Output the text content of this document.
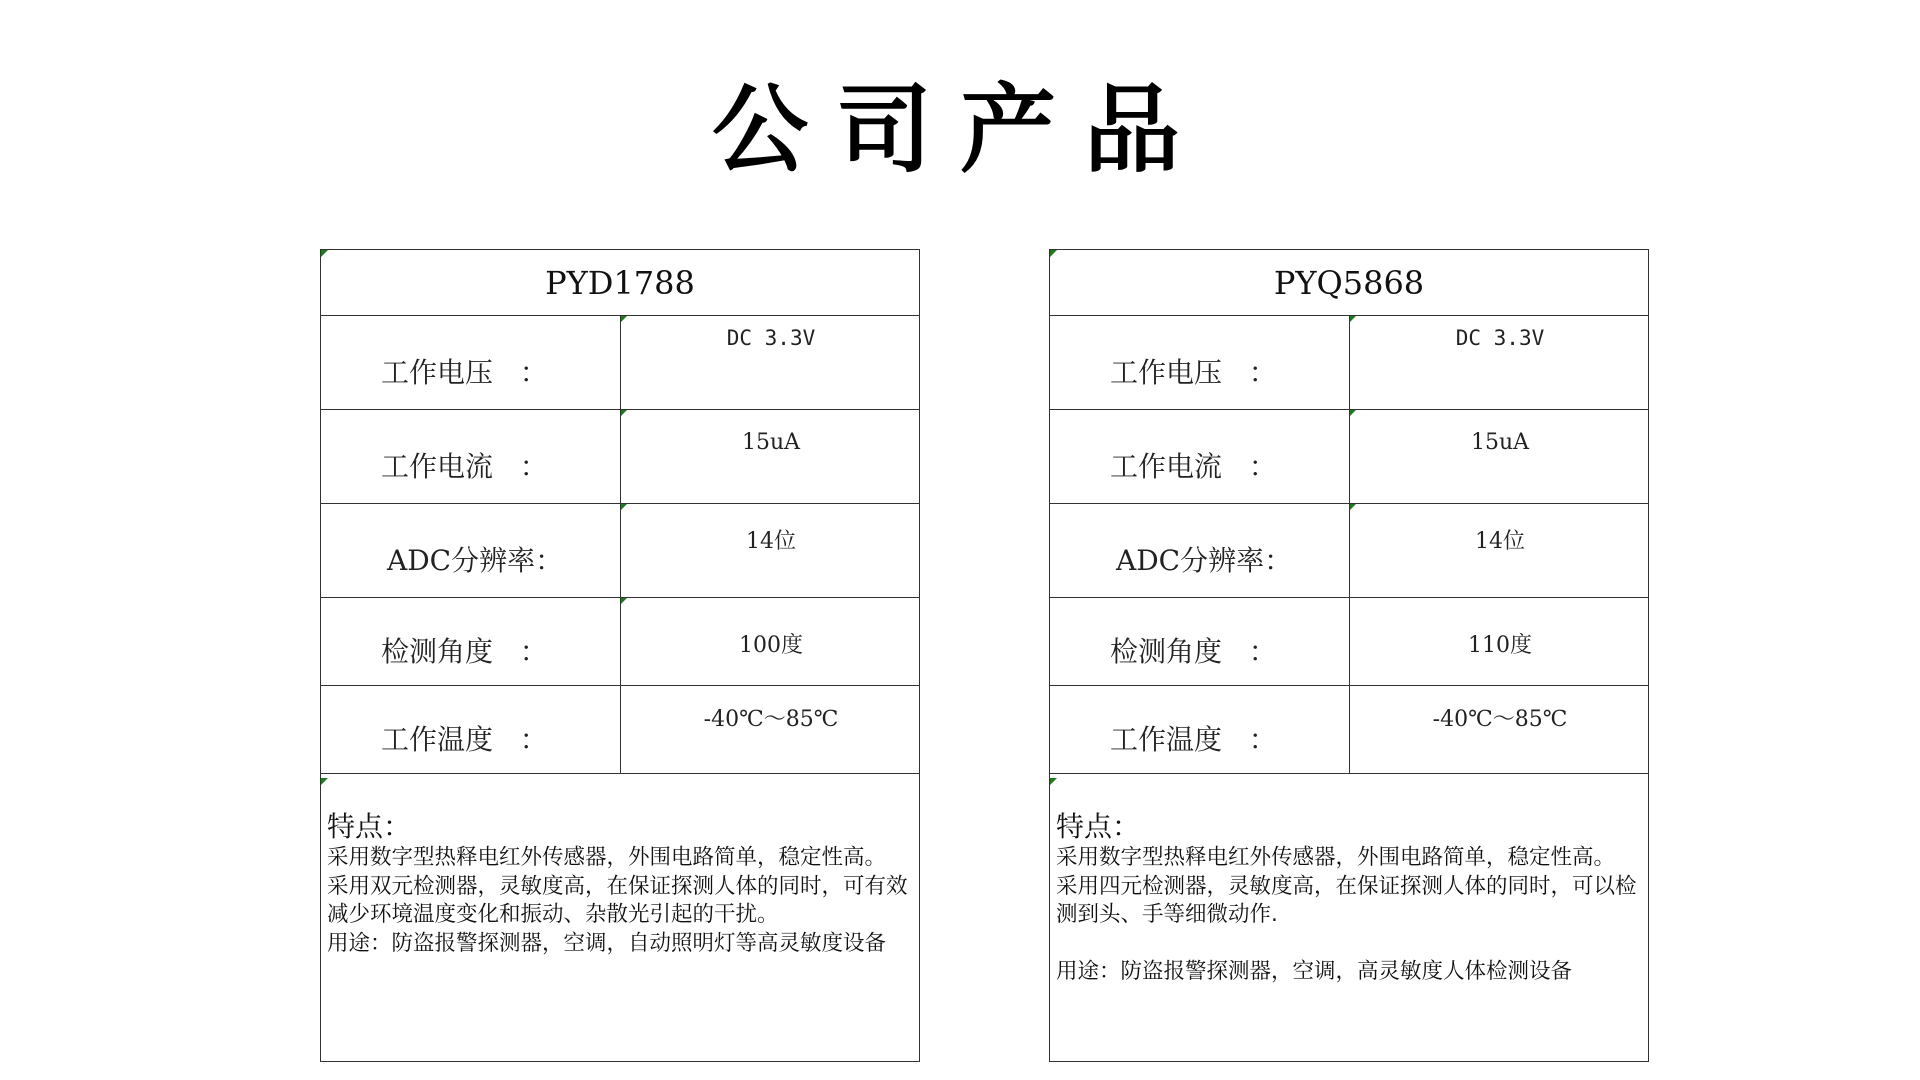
公司产品
PYD1788
工作电压   ：
DC 3.3V
工作电流   ：
15uA
ADC分辨率：
14位
检测角度   ：	100度
工作温度   ：
-40℃～85℃
特点：
采用数字型热释电红外传感器，外围电路简单，稳定性高。
采用双元检测器，灵敏度高，在保证探测人体的同时，可有效减少环境温度变化和振动、杂散光引起的干扰。
用途：防盗报警探测器，空调，自动照明灯等高灵敏度设备
PYQ5868
工作电压   ：
DC 3.3V
工作电流   ：
15uA
ADC分辨率：
14位
检测角度   ：	110度
工作温度   ：
-40℃～85℃
特点：
采用数字型热释电红外传感器，外围电路简单，稳定性高。
采用四元检测器，灵敏度高，在保证探测人体的同时，可以检测到头、手等细微动作.
用途：防盗报警探测器，空调，高灵敏度人体检测设备
